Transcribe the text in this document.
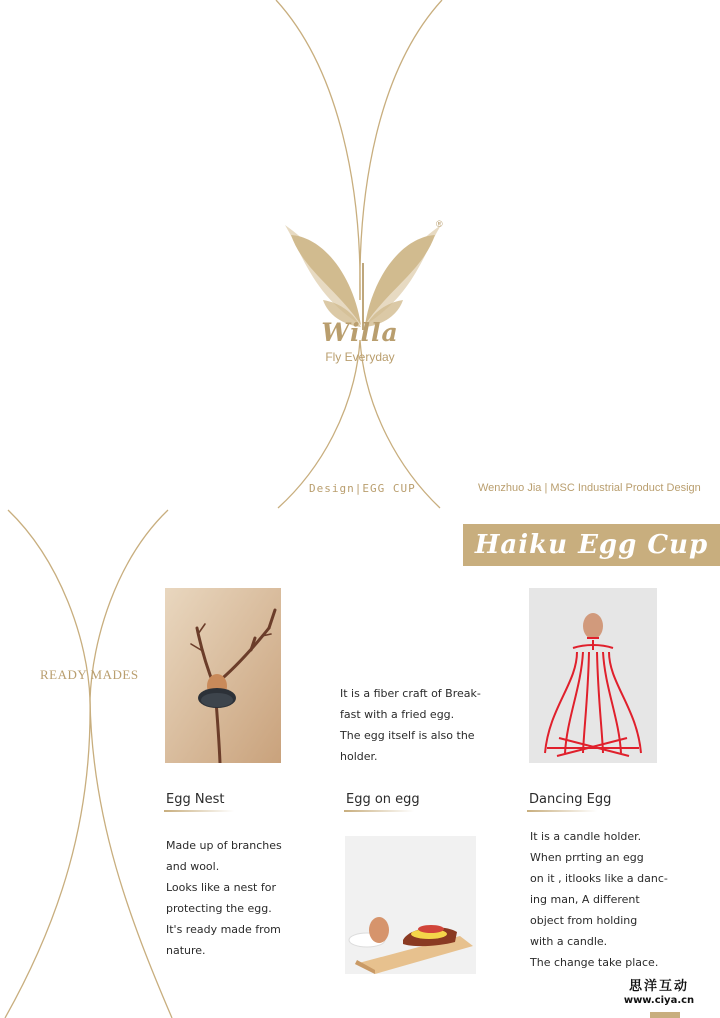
®
Willa
Fly Everyday
Design|EGG CUP	Wenzhuo Jia | MSC Industrial Product Design
Haiku Egg Cup
READY MADES
Egg Nest	Egg on egg	Dancing Egg

It is a fiber craft of Break-

fast with a fried egg.

The egg itself is also the

holder.

Made up of branches

and wool.

Looks like a nest for

protecting the egg.

It's ready made from

nature.

It is a candle holder.

When prrting an egg

on it , itlooks like a danc-

ing man, A different

object from holding

with a candle.

The change take place.

思洋互动
www.ciya.cn
